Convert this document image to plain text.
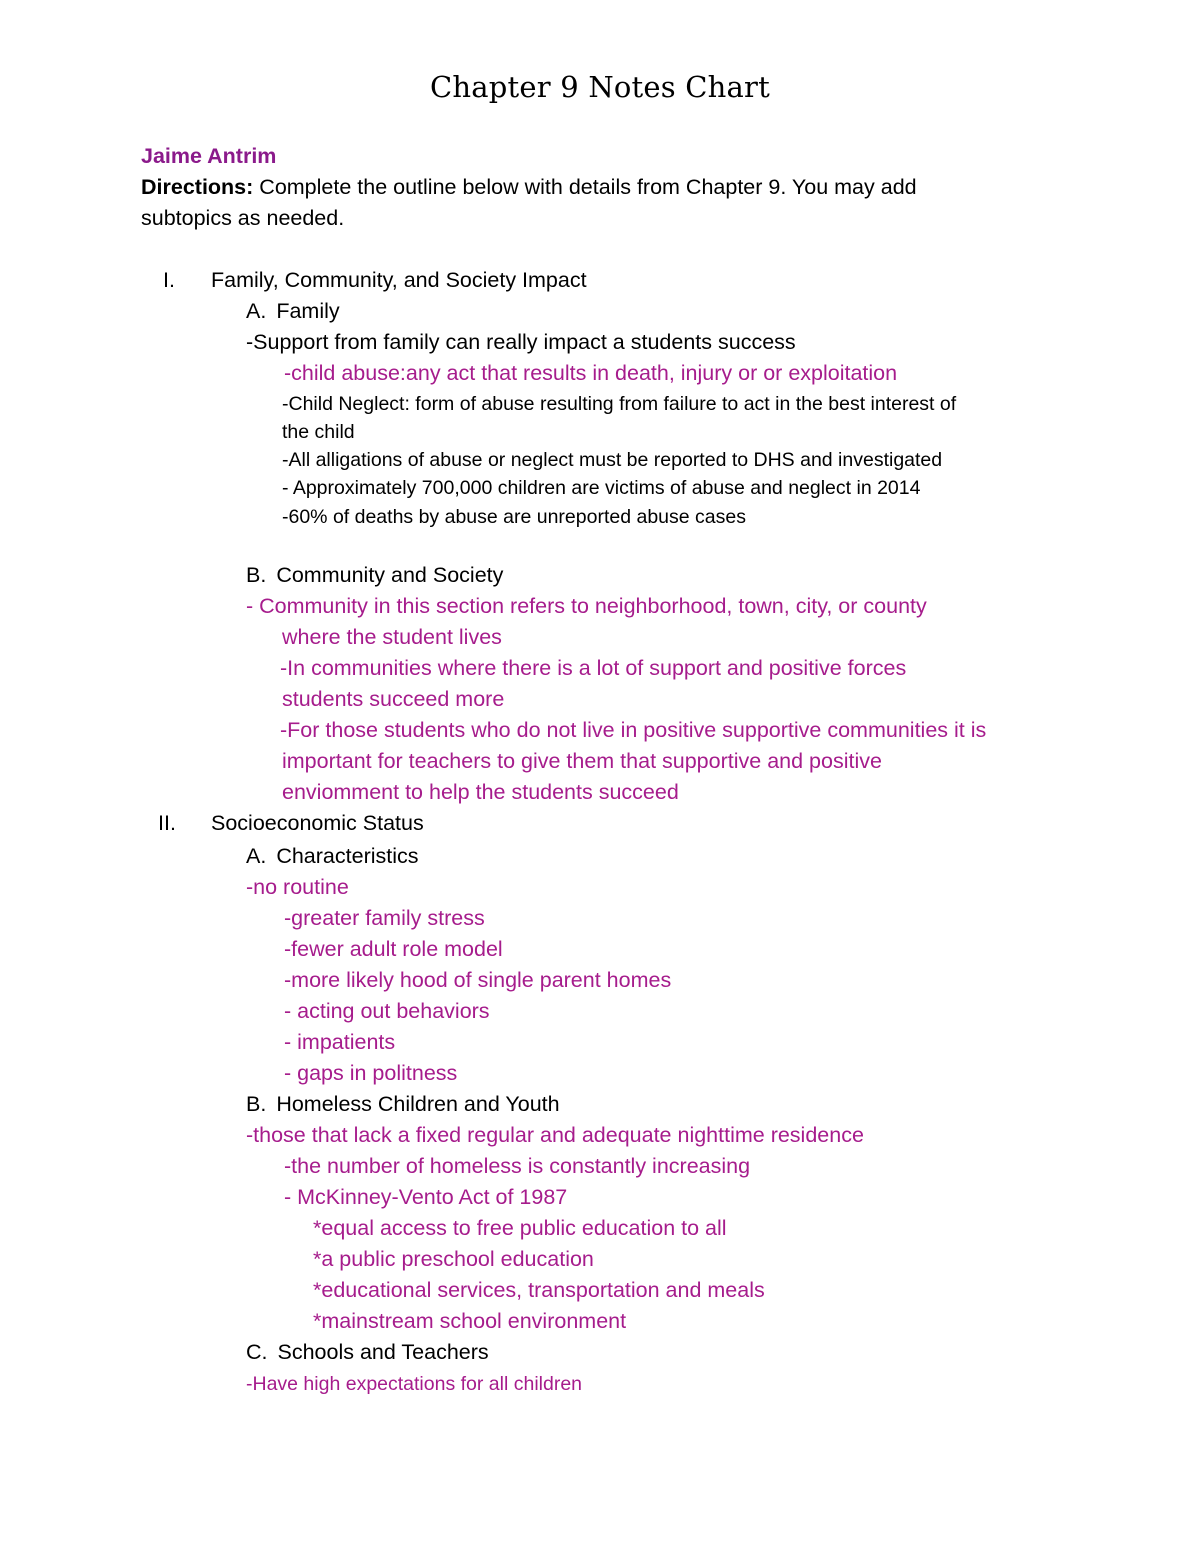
Chapter 9 Notes Chart
Jaime Antrim
Directions: Complete the outline below with details from Chapter 9. You may add
subtopics as needed.
I. Family, Community, and Society Impact
A. Family
-Support from family can really impact a students success
-child abuse:any act that results in death, injury or or exploitation
-Child Neglect: form of abuse resulting from failure to act in the best interest of
the child
-All alligations of abuse or neglect must be reported to DHS and investigated
- Approximately 700,000 children are victims of abuse and neglect in 2014
-60% of deaths by abuse are unreported abuse cases
B. Community and Society
- Community in this section refers to neighborhood, town, city, or county
where the student lives
-In communities where there is a lot of support and positive forces
students succeed more
-For those students who do not live in positive supportive communities it is
important for teachers to give them that supportive and positive
enviomment to help the students succeed
II. Socioeconomic Status
A. Characteristics
-no routine
-greater family stress
-fewer adult role model
-more likely hood of single parent homes
- acting out behaviors
- impatients
- gaps in politness
B. Homeless Children and Youth
-those that lack a fixed regular and adequate nighttime residence
-the number of homeless is constantly increasing
- McKinney-Vento Act of 1987
*equal access to free public education to all
*a public preschool education
*educational services, transportation and meals
*mainstream school environment
C. Schools and Teachers
-Have high expectations for all children
